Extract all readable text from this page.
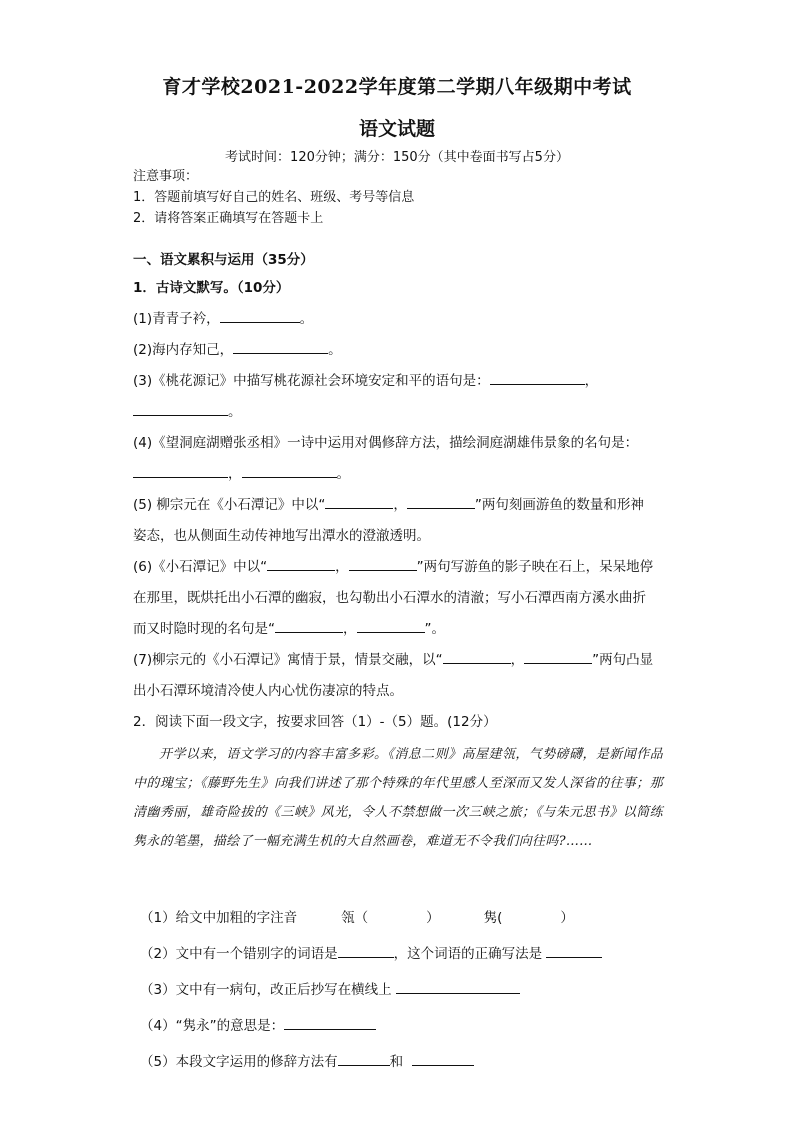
育才学校2021-2022学年度第二学期八年级期中考试
语文试题
考试时间：120分钟；满分：150分（其中卷面书写占5分）
注意事项：
1．答题前填写好自己的姓名、班级、考号等信息
2．请将答案正确填写在答题卡上
一、语文累积与运用（35分）
1．古诗文默写。（10分）

(1)青青子衿，	。

(2)海内存知己，	。

(3)《桃花源记》中描写桃花源社会环境安定和平的语句是：	，

。

(4)《望洞庭湖赠张丞相》一诗中运用对偶修辞方法，描绘洞庭湖雄伟景象的名句是：

，	。

(5) 柳宗元在《小石潭记》中以“	，	”两句刻画游鱼的数量和形神

姿态，也从侧面生动传神地写出潭水的澄澈透明。

(6)《小石潭记》中以“	，	”两句写游鱼的影子映在石上，呆呆地停

在那里，既烘托出小石潭的幽寂，也勾勒出小石潭水的清澈；写小石潭西南方溪水曲折

而又时隐时现的名句是“	，	”。

(7)柳宗元的《小石潭记》寓情于景，情景交融，以“	，	”两句凸显

出小石潭环境清冷使人内心忧伤凄凉的特点。

2．阅读下面一段文字，按要求回答（1）-（5）题。(12分）

开学以来，语文学习的内容丰富多彩。《消息二则》高屋建瓴，气势磅礴，是新闻作品中的瑰宝；《藤野先生》向我们讲述了那个特殊的年代里感人至深而又发人深省的往事；那清幽秀丽，雄奇险拔的《三峡》风光，令人不禁想做一次三峡之旅；《与朱元思书》以简练隽永的笔墨，描绘了一幅充满生机的大自然画卷，难道无不令我们向往吗?……

（1）给文中加粗的字注音	瓴（	）	隽(	）

（2）文中有一个错别字的词语是	，这个词语的正确写法是

（3）文中有一病句，改正后抄写在横线上

（4）“隽永”的意思是：

（5）本段文字运用的修辞方法有	和
